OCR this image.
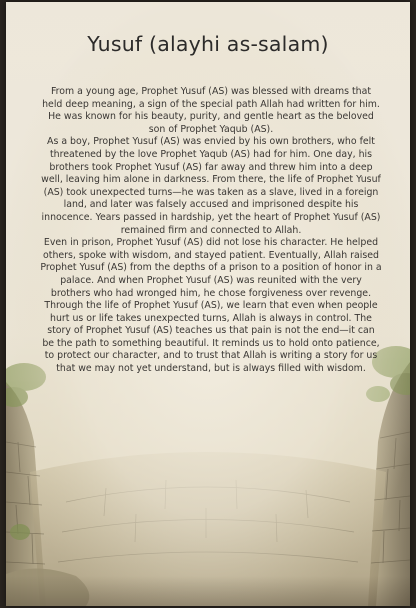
Yusuf (alayhi as-salam)

From a young age, Prophet Yusuf (AS) was blessed with dreams that held deep meaning, a sign of the special path Allah had written for him. He was known for his beauty, purity, and gentle heart as the beloved son of Prophet Yaqub (AS).

As a boy, Prophet Yusuf (AS) was envied by his own brothers, who felt threatened by the love Prophet Yaqub (AS) had for him. One day, his brothers took Prophet Yusuf (AS) far away and threw him into a deep well, leaving him alone in darkness. From there, the life of Prophet Yusuf (AS) took unexpected turns—he was taken as a slave, lived in a foreign land, and later was falsely accused and imprisoned despite his innocence. Years passed in hardship, yet the heart of Prophet Yusuf (AS) remained firm and connected to Allah.

Even in prison, Prophet Yusuf (AS) did not lose his character. He helped others, spoke with wisdom, and stayed patient. Eventually, Allah raised Prophet Yusuf (AS) from the depths of a prison to a position of honor in a palace. And when Prophet Yusuf (AS) was reunited with the very brothers who had wronged him, he chose forgiveness over revenge.

Through the life of Prophet Yusuf (AS), we learn that even when people hurt us or life takes unexpected turns, Allah is always in control. The story of Prophet Yusuf (AS) teaches us that pain is not the end—it can be the path to something beautiful. It reminds us to hold onto patience, to protect our character, and to trust that Allah is writing a story for us that we may not yet understand, but is always filled with wisdom.
